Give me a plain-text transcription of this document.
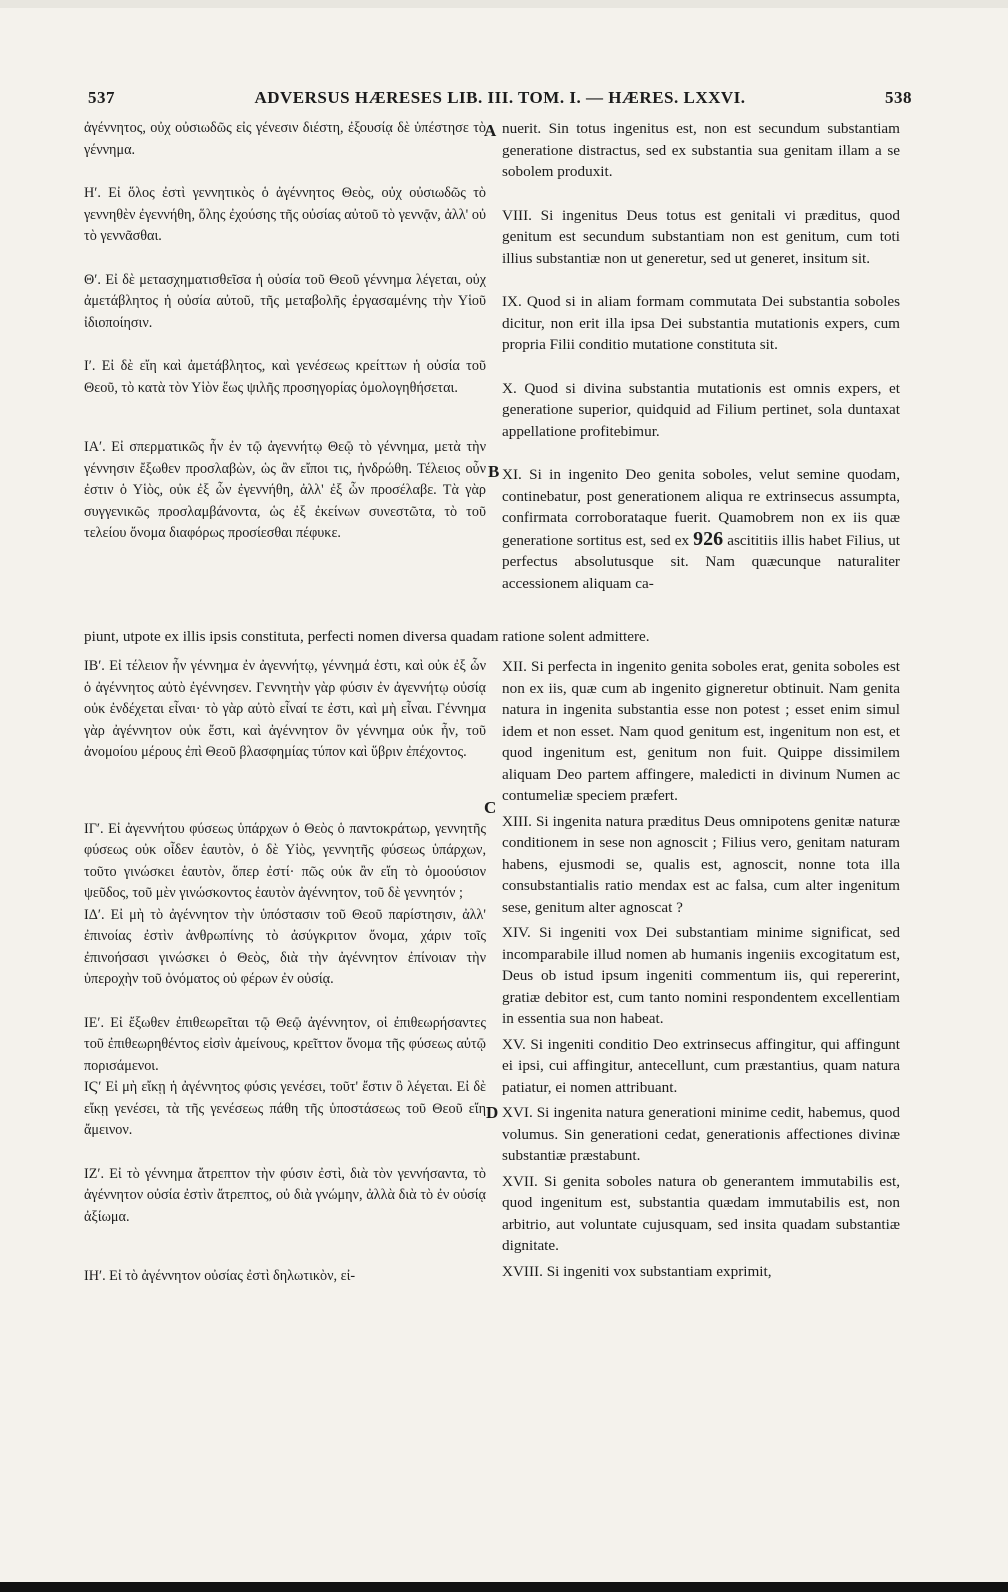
537	ADVERSUS HÆRESES LIB. III. TOM. I. — HÆRES. LXXVI.	538

ἀγέννητος, οὐχ οὐσιωδῶς εἰς γένεσιν διέστη, ἐξουσίᾳ δὲ ὑπέστησε τὸ γέννημα.

Η′. Εἰ ὅλος ἐστὶ γεννητικὸς ὁ ἀγέννητος Θεὸς, οὐχ οὐσιωδῶς τὸ γεννηθὲν ἐγεννήθη, ὅλης ἐχούσης τῆς οὐσίας αὐτοῦ τὸ γεννᾷν, ἀλλ' οὐ τὸ γεννᾶσθαι.

Θ′. Εἰ δὲ μετασχηματισθεῖσα ἡ οὐσία τοῦ Θεοῦ γέννημα λέγεται, οὐχ ἀμετάβλητος ἡ οὐσία αὐτοῦ, τῆς μεταβολῆς ἐργασαμένης τὴν Υἱοῦ ἰδιοποίησιν.

Ι′. Εἰ δὲ εἴη καὶ ἀμετάβλητος, καὶ γενέσεως κρείττων ἡ οὐσία τοῦ Θεοῦ, τὸ κατὰ τὸν Υἱὸν ἕως ψιλῆς προσηγορίας ὁμολογηθήσεται.

ΙΑ′. Εἰ σπερματικῶς ἦν ἐν τῷ ἀγεννήτῳ Θεῷ τὸ γέννημα, μετὰ τὴν γέννησιν ἔξωθεν προσλαβὼν, ὡς ἂν εἴποι τις, ἠνδρώθη. Τέλειος οὖν ἐστιν ὁ Υἱὸς, οὐκ ἐξ ὧν ἐγεννήθη, ἀλλ' ἐξ ὧν προσέλαβε. Τὰ γὰρ συγγενικῶς προσλαμβάνοντα, ὡς ἐξ ἐκείνων συνεστῶτα, τὸ τοῦ τελείου ὄνομα διαφόρως προσίεσθαι πέφυκε.

nuerit. Sin totus ingenitus est, non est secundum substantiam generatione distractus, sed ex substantia sua genitam illam a se sobolem produxit.

VIII. Si ingenitus Deus totus est genitali vi præditus, quod genitum est secundum substantiam non est genitum, cum toti illius substantiæ non ut generetur, sed ut generet, insitum sit.

IX. Quod si in aliam formam commutata Dei substantia soboles dicitur, non erit illa ipsa Dei substantia mutationis expers, cum propria Filii conditio mutatione constituta sit.

X. Quod si divina substantia mutationis est omnis expers, et generatione superior, quidquid ad Filium pertinet, sola duntaxat appellatione profitebimur.

XI. Si in ingenito Deo genita soboles, velut semine quodam, continebatur, post generationem aliqua re extrinsecus assumpta, confirmata corroborataque fuerit. Quamobrem non ex iis quæ generatione sortitus est, sed ex 926 ascititiis illis habet Filius, ut perfectus absolutusque sit. Nam quæcunque naturaliter accessionem aliquam ca-

piunt, utpote ex illis ipsis constituta, perfecti nomen diversa quadam ratione solent admittere.

ΙΒ′. Εἰ τέλειον ἦν γέννημα ἐν ἀγεννήτῳ, γέννημά ἐστι, καὶ οὐκ ἐξ ὧν ὁ ἀγέννητος αὐτὸ ἐγέννησεν. Γεννητὴν γὰρ φύσιν ἐν ἀγεννήτῳ οὐσίᾳ οὐκ ἐνδέχεται εἶναι· τὸ γὰρ αὐτὸ εἶναί τε ἐστι, καὶ μὴ εἶναι. Γέννημα γὰρ ἀγέννητον οὐκ ἔστι, καὶ ἀγέννητον ὂν γέννημα οὐκ ἦν, τοῦ ἀνομοίου μέρους ἐπὶ Θεοῦ βλασφημίας τύπον καὶ ὕβριν ἐπέχοντος.

ΙΓ′. Εἰ ἀγεννήτου φύσεως ὑπάρχων ὁ Θεὸς ὁ παντοκράτωρ, γεννητῆς φύσεως οὐκ οἶδεν ἑαυτὸν, ὁ δὲ Υἱὸς, γεννητῆς φύσεως ὑπάρχων, τοῦτο γινώσκει ἑαυτὸν, ὅπερ ἐστί· πῶς οὐκ ἂν εἴη τὸ ὁμοούσιον ψεῦδος, τοῦ μὲν γινώσκοντος ἑαυτὸν ἀγέννητον, τοῦ δὲ γεννητόν ;

ΙΔ′. Εἰ μὴ τὸ ἀγέννητον τὴν ὑπόστασιν τοῦ Θεοῦ παρίστησιν, ἀλλ' ἐπινοίας ἐστὶν ἀνθρωπίνης τὸ ἀσύγκριτον ὄνομα, χάριν τοῖς ἐπινοήσασι γινώσκει ὁ Θεὸς, διὰ τὴν ἀγέννητον ἐπίνοιαν τὴν ὑπεροχὴν τοῦ ὀνόματος οὐ φέρων ἐν οὐσίᾳ.

ΙΕ′. Εἰ ἔξωθεν ἐπιθεωρεῖται τῷ Θεῷ ἀγέννητον, οἱ ἐπιθεωρήσαντες τοῦ ἐπιθεωρηθέντος εἰσὶν ἀμείνους, κρεῖττον ὄνομα τῆς φύσεως αὐτῷ πορισάμενοι.

ΙϚ′ Εἰ μὴ εἴκῃ ἡ ἀγέννητος φύσις γενέσει, τοῦτ' ἔστιν ὃ λέγεται. Εἰ δὲ εἴκῃ γενέσει, τὰ τῆς γενέσεως πάθη τῆς ὑποστάσεως τοῦ Θεοῦ εἴη ἄμεινον.

ΙΖ′. Εἰ τὸ γέννημα ἄτρεπτον τὴν φύσιν ἐστὶ, διὰ τὸν γεννήσαντα, τὸ ἀγέννητον οὐσία ἐστὶν ἄτρεπτος, οὐ διὰ γνώμην, ἀλλὰ διὰ τὸ ἐν οὐσίᾳ ἀξίωμα.

ΙΗ′. Εἰ τὸ ἀγέννητον οὐσίας ἐστὶ δηλωτικὸν, εἰ-

XII. Si perfecta in ingenito genita soboles erat, genita soboles est non ex iis, quæ cum ab ingenito gigneretur obtinuit. Nam genita natura in ingenita substantia esse non potest ; esset enim simul idem et non esset. Nam quod genitum est, ingenitum non est, et quod ingenitum est, genitum non fuit. Quippe dissimilem aliquam Deo partem affingere, maledicti in divinum Numen ac contumeliæ speciem præfert.

XIII. Si ingenita natura præditus Deus omnipotens genitæ naturæ conditionem in sese non agnoscit ; Filius vero, genitam naturam habens, ejusmodi se, qualis est, agnoscit, nonne tota illa consubstantialis ratio mendax est ac falsa, cum alter ingenitum sese, genitum alter agnoscat ?

XIV. Si ingeniti vox Dei substantiam minime significat, sed incomparabile illud nomen ab humanis ingeniis excogitatum est, Deus ob istud ipsum ingeniti commentum iis, qui repererint, gratiæ debitor est, cum tanto nomini respondentem excellentiam in essentia sua non habeat.

XV. Si ingeniti conditio Deo extrinsecus affingitur, qui affingunt ei ipsi, cui affingitur, antecellunt, cum præstantius, quam natura patiatur, ei nomen attribuant.

XVI. Si ingenita natura generationi minime cedit, habemus, quod volumus. Sin generationi cedat, generationis affectiones divinæ substantiæ præstabunt.

XVII. Si genita soboles natura ob generantem immutabilis est, quod ingenitum est, substantia quædam immutabilis est, non arbitrio, aut voluntate cujusquam, sed insita quadam substantiæ dignitate.

XVIII. Si ingeniti vox substantiam exprimit,

A
B
C
D
